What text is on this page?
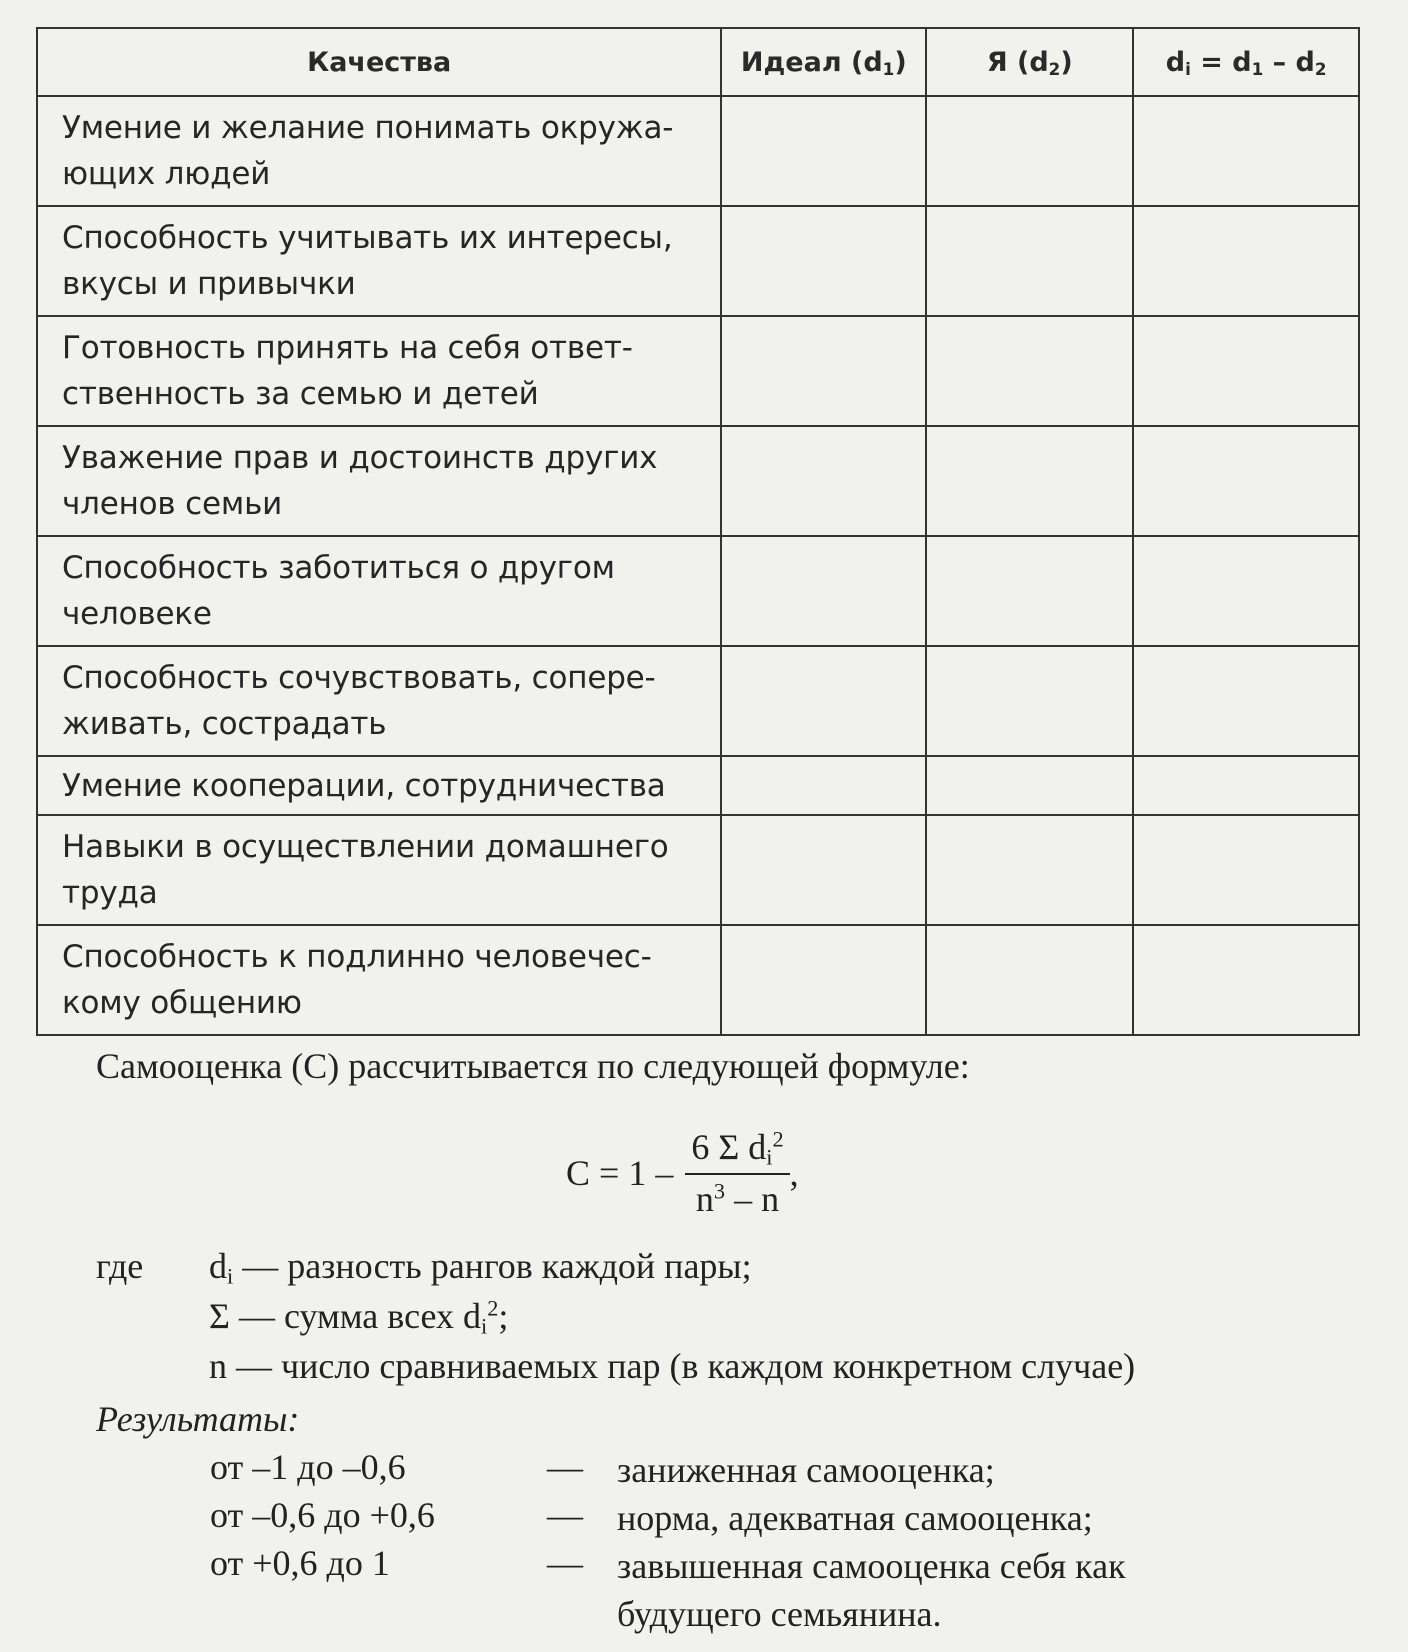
Качества	Идеал $(d_1)$	Я $(d_2)$	$d_i = d_1 - d_2$

Умение и желание понимать окружа-
ющих людей			

Способность учитывать их интересы,
вкусы и привычки			

Готовность принять на себя ответ-
ственность за семью и детей			

Уважение прав и достоинств других
членов семьи			

Способность заботиться о другом
человеке			

Способность сочувствовать, сопере-
живать, сострадать			

Умение кооперации, сотрудничества			

Навыки в осуществлении домашнего
труда			

Способность к подлинно человечес-
кому общению			

Самооценка (С) рассчитывается по следующей формуле:
$С = 1 - \frac{6 \Sigma d_i^2}{n^3 - n}$ ,
где $d_i$ — разность рангов каждой пары;
Σ — сумма всех $d_i^2$;
n — число сравниваемых пар (в каждом конкретном случае)
Результаты:
от –1 до –0,6	— заниженная самооценка;
от –0,6 до +0,6	— норма, адекватная самооценка;
от +0,6 до 1	— завышенная самооценка себя как
будущего семьянина.
